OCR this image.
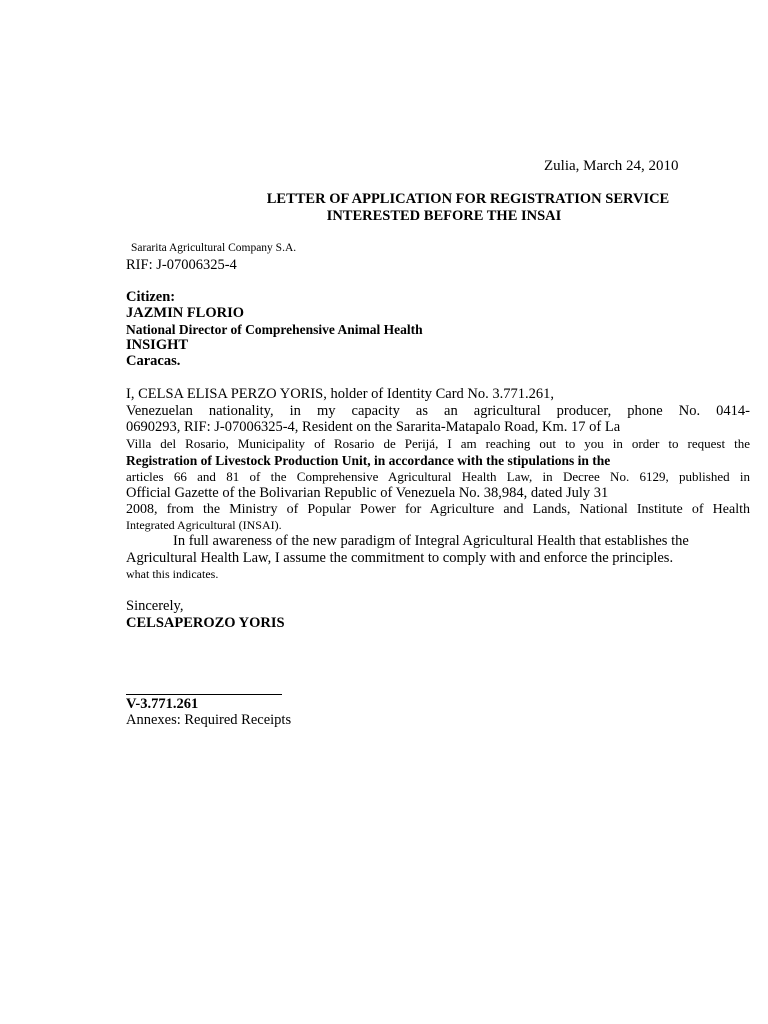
Zulia, March 24, 2010
LETTER OF APPLICATION FOR REGISTRATION SERVICE
INTERESTED BEFORE THE INSAI
Sararita Agricultural Company S.A.
RIF: J-07006325-4
Citizen:
JAZMIN FLORIO
National Director of Comprehensive Animal Health
INSIGHT
Caracas.
I, CELSA ELISA PERZO YORIS, holder of Identity Card No. 3.771.261,
Venezuelan nationality, in my capacity as an agricultural producer, phone No. 0414-
0690293, RIF: J-07006325-4, Resident on the Sararita-Matapalo Road, Km. 17 of La
Villa del Rosario, Municipality of Rosario de Perijá, I am reaching out to you in order to request the
Registration of Livestock Production Unit, in accordance with the stipulations in the
articles 66 and 81 of the Comprehensive Agricultural Health Law, in Decree No. 6129, published in
Official Gazette of the Bolivarian Republic of Venezuela No. 38,984, dated July 31
2008, from the Ministry of Popular Power for Agriculture and Lands, National Institute of Health
Integrated Agricultural (INSAI).
In full awareness of the new paradigm of Integral Agricultural Health that establishes the
Agricultural Health Law, I assume the commitment to comply with and enforce the principles.
what this indicates.
Sincerely,
CELSAPEROZO YORIS
V-3.771.261
Annexes: Required Receipts
